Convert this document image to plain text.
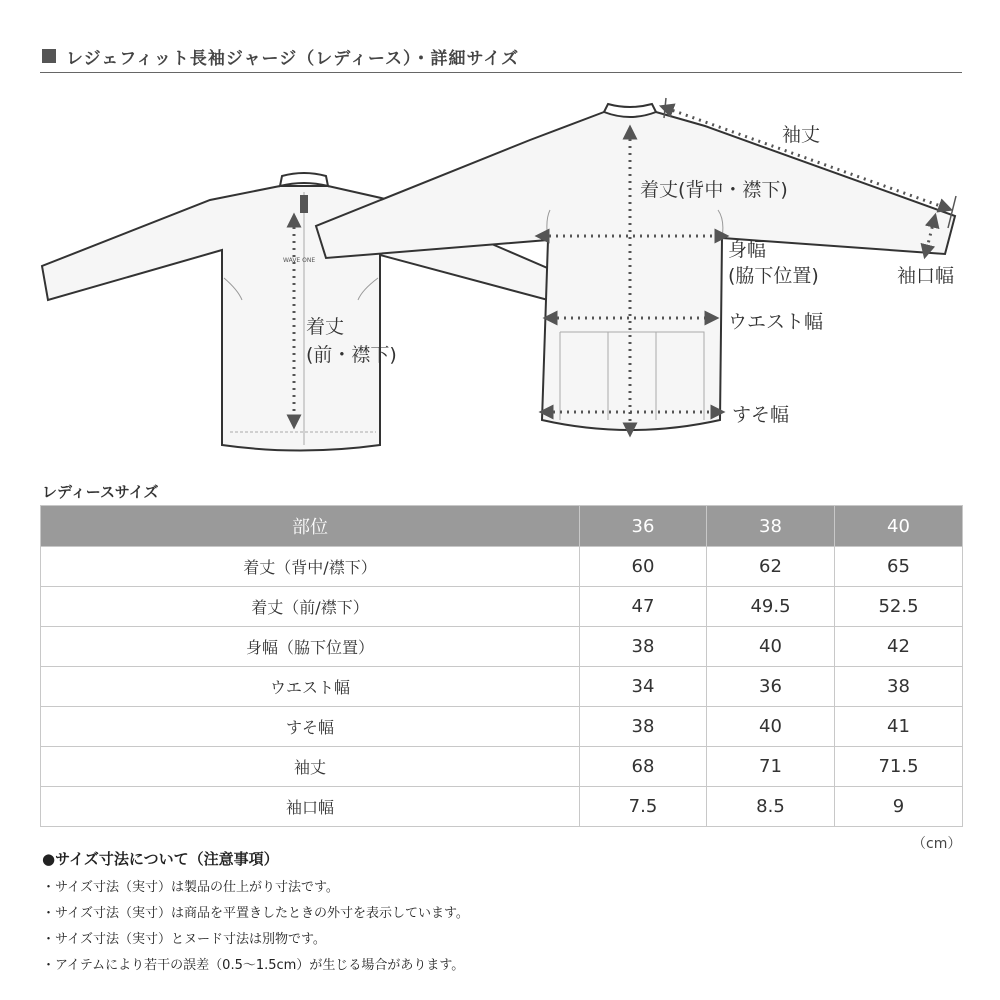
レジェフィット長袖ジャージ（レディース）・詳細サイズ
WAVE ONE
着丈
(前・襟下)
着丈(背中・襟下)
袖丈
身幅
(脇下位置)	袖口幅
ウエスト幅
すそ幅
レディースサイズ
部位	36	38	40
着丈（背中/襟下）	60	62	65
着丈（前/襟下）	47	49.5	52.5
身幅（脇下位置）	38	40	42
ウエスト幅	34	36	38
すそ幅	38	40	41
袖丈	68	71	71.5
袖口幅	7.5	8.5	9
（cm）
●サイズ寸法について（注意事項）
・サイズ寸法（実寸）は製品の仕上がり寸法です。
・サイズ寸法（実寸）は商品を平置きしたときの外寸を表示しています。
・サイズ寸法（実寸）とヌード寸法は別物です。
・アイテムにより若干の誤差（0.5〜1.5cm）が生じる場合があります。
